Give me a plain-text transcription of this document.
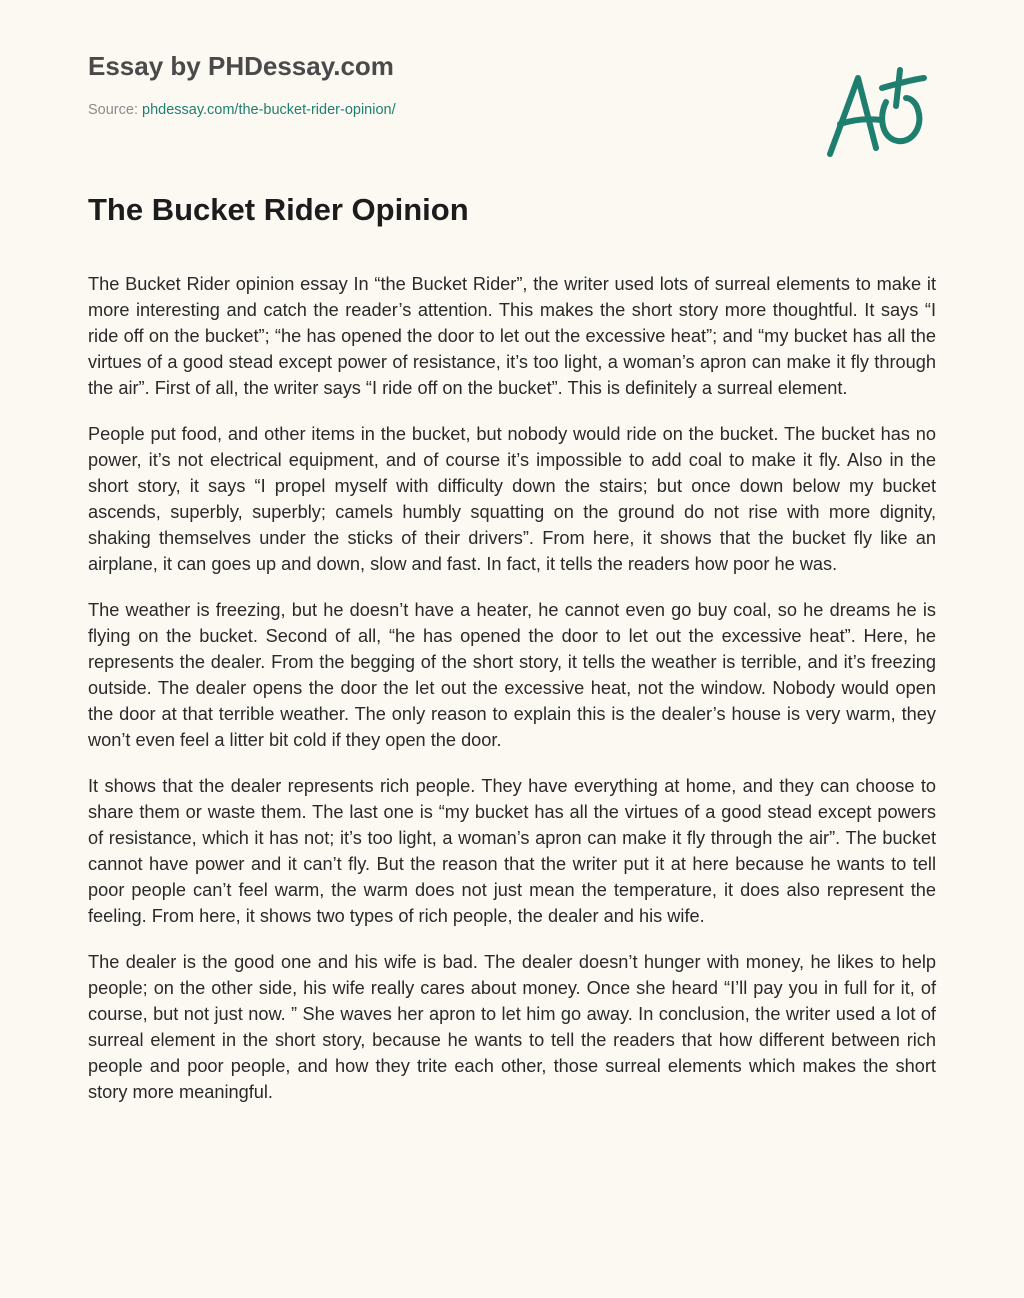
Essay by PHDessay.com
Source: phdessay.com/the-bucket-rider-opinion/
The Bucket Rider Opinion

The Bucket Rider opinion essay In “the Bucket Rider”, the writer used lots of surreal elements to make it more interesting and catch the reader’s attention. This makes the short story more thoughtful. It says “I ride off on the bucket”; “he has opened the door to let out the excessive heat”; and “my bucket has all the virtues of a good stead except power of resistance, it’s too light, a woman’s apron can make it fly through the air”. First of all, the writer says “I ride off on the bucket”. This is definitely a surreal element.

People put food, and other items in the bucket, but nobody would ride on the bucket. The bucket has no power, it’s not electrical equipment, and of course it’s impossible to add coal to make it fly. Also in the short story, it says “I propel myself with difficulty down the stairs; but once down below my bucket ascends, superbly, superbly; camels humbly squatting on the ground do not rise with more dignity, shaking themselves under the sticks of their drivers”. From here, it shows that the bucket fly like an airplane, it can goes up and down, slow and fast. In fact, it tells the readers how poor he was.

The weather is freezing, but he doesn’t have a heater, he cannot even go buy coal, so he dreams he is flying on the bucket. Second of all, “he has opened the door to let out the excessive heat”. Here, he represents the dealer. From the begging of the short story, it tells the weather is terrible, and it’s freezing outside. The dealer opens the door the let out the excessive heat, not the window. Nobody would open the door at that terrible weather. The only reason to explain this is the dealer’s house is very warm, they won’t even feel a litter bit cold if they open the door.

It shows that the dealer represents rich people. They have everything at home, and they can choose to share them or waste them. The last one is “my bucket has all the virtues of a good stead except powers of resistance, which it has not; it’s too light, a woman’s apron can make it fly through the air”. The bucket cannot have power and it can’t fly. But the reason that the writer put it at here because he wants to tell poor people can’t feel warm, the warm does not just mean the temperature, it does also represent the feeling. From here, it shows two types of rich people, the dealer and his wife.

The dealer is the good one and his wife is bad. The dealer doesn’t hunger with money, he likes to help people; on the other side, his wife really cares about money. Once she heard “I’ll pay you in full for it, of course, but not just now. ” She waves her apron to let him go away. In conclusion, the writer used a lot of surreal element in the short story, because he wants to tell the readers that how different between rich people and poor people, and how they trite each other, those surreal elements which makes the short story more meaningful.
